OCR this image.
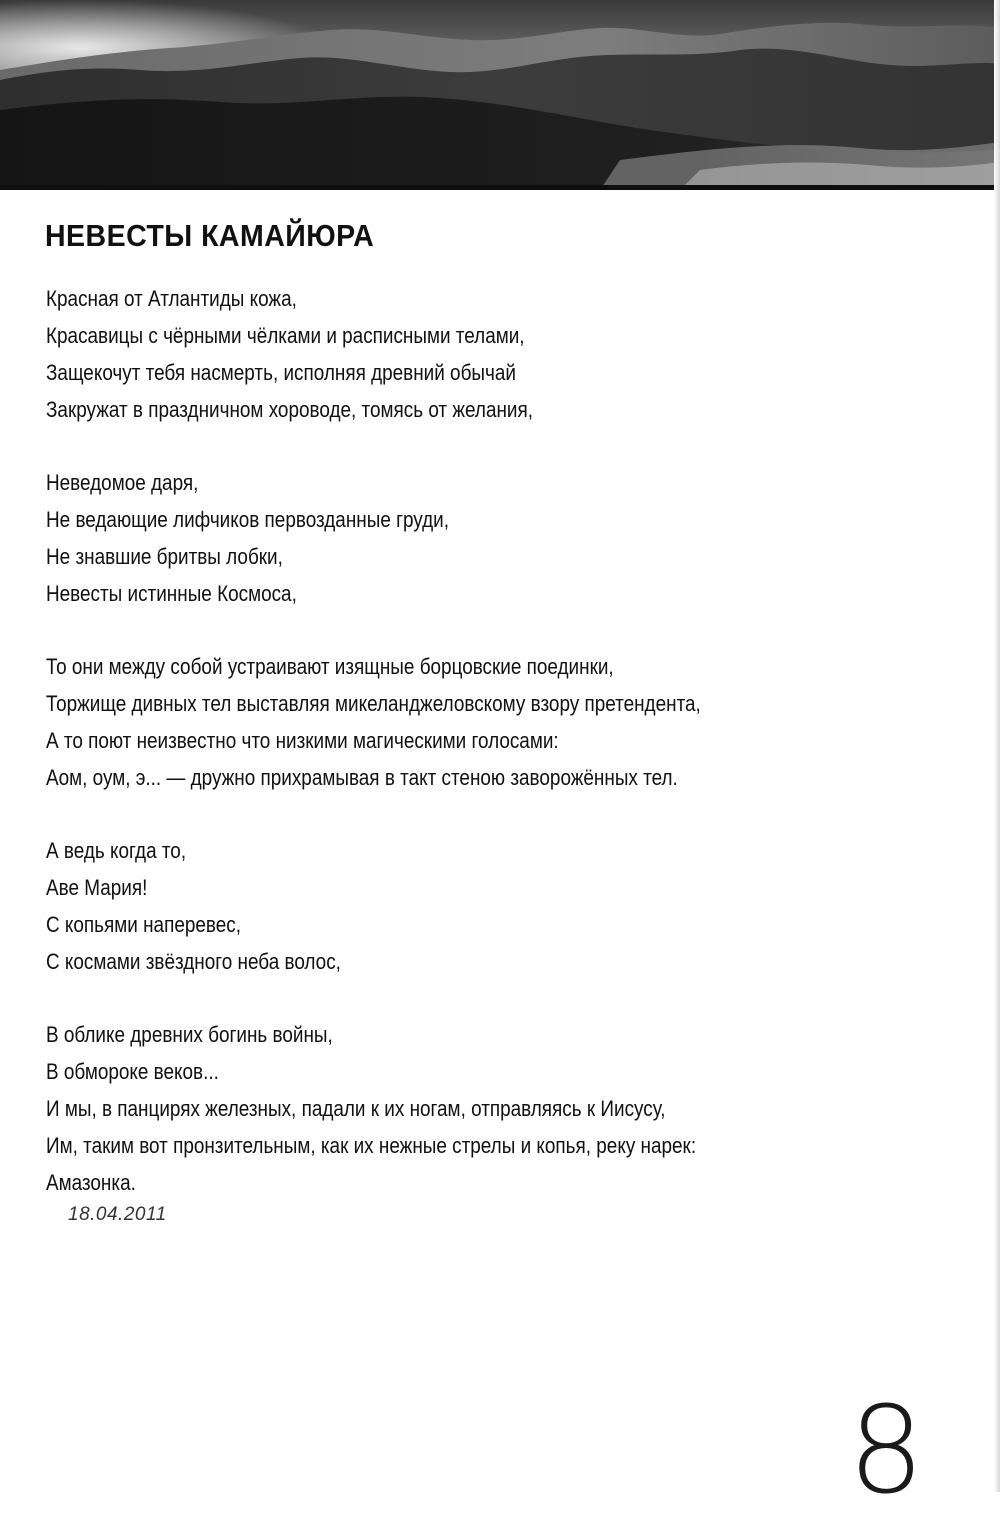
НЕВЕСТЫ КАМАЙЮРА

Красная от Атлантиды кожа,
Красавицы с чёрными чёлками и расписными телами,
Защекочут тебя насмерть, исполняя древний обычай
Закружат в праздничном хороводе, томясь от желания,

Неведомое даря,
Не ведающие лифчиков первозданные груди,
Не знавшие бритвы лобки,
Невесты истинные Космоса,

То они между собой устраивают изящные борцовские поединки,
Торжище дивных тел выставляя микеланджеловскому взору претендента,
А то поют неизвестно что низкими магическими голосами:
Аом, оум, э... — дружно прихрамывая в такт стеною заворожённых тел.

А ведь когда то,
Аве Мария!
С копьями наперевес,
С космами звёздного неба волос,

В облике древних богинь войны,
В обмороке веков...
И мы, в панцирях железных, падали к их ногам, отправляясь к Иисусу,
Им, таким вот пронзительным, как их нежные стрелы и копья, реку нарек:
Амазонка.

18.04.2011
8
